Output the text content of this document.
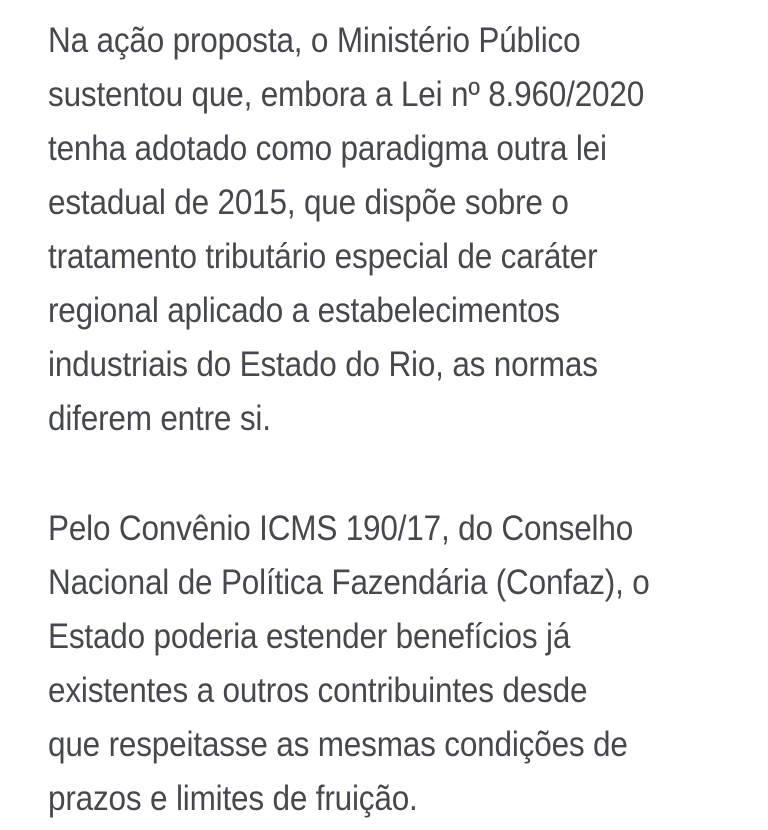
Na ação proposta, o Ministério Público
sustentou que, embora a Lei nº 8.960/2020
tenha adotado como paradigma outra lei
estadual de 2015, que dispõe sobre o
tratamento tributário especial de caráter
regional aplicado a estabelecimentos
industriais do Estado do Rio, as normas
diferem entre si.
Pelo Convênio ICMS 190/17, do Conselho
Nacional de Política Fazendária (Confaz), o
Estado poderia estender benefícios já
existentes a outros contribuintes desde
que respeitasse as mesmas condições de
prazos e limites de fruição.
